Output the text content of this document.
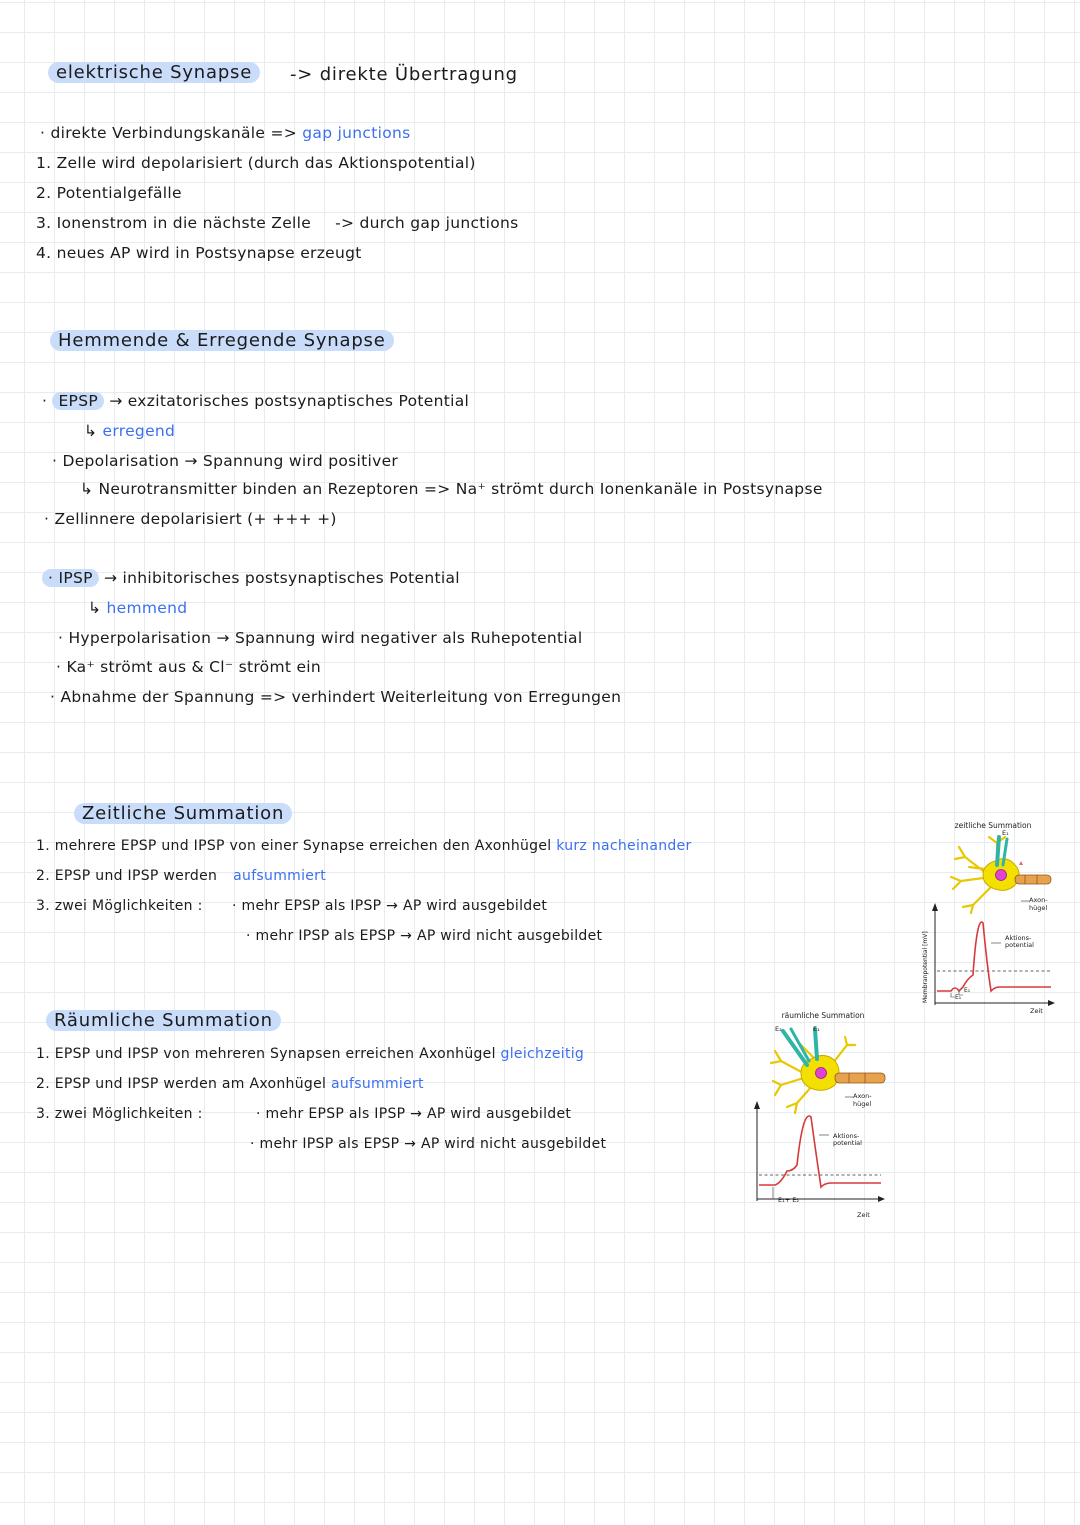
elektrische Synapse	-> direkte Übertragung
· direkte Verbindungskanäle => gap junctions
1. Zelle wird depolarisiert (durch das Aktionspotential)
2. Potentialgefälle
3. Ionenstrom in die nächste Zelle -> durch gap junctions
4. neues AP wird in Postsynapse erzeugt
Hemmende & Erregende Synapse
· EPSP → exzitatorisches postsynaptisches Potential
↳ erregend
· Depolarisation → Spannung wird positiver
↳ Neurotransmitter binden an Rezeptoren => Na⁺ strömt durch Ionenkanäle in Postsynapse
· Zellinnere depolarisiert (+ +++ +)
· IPSP → inhibitorisches postsynaptisches Potential
↳ hemmend
· Hyperpolarisation → Spannung wird negativer als Ruhepotential
· Ka⁺ strömt aus & Cl⁻ strömt ein
· Abnahme der Spannung => verhindert Weiterleitung von Erregungen
Zeitliche Summation
1. mehrere EPSP und IPSP von einer Synapse erreichen den Axonhügel kurz nacheinander
2. EPSP und IPSP werden aufsummiert
3. zwei Möglichkeiten : · mehr EPSP als IPSP → AP wird ausgebildet
· mehr IPSP als EPSP → AP wird nicht ausgebildet
Räumliche Summation
1. EPSP und IPSP von mehreren Synapsen erreichen Axonhügel gleichzeitig
2. EPSP und IPSP werden am Axonhügel aufsummiert
3. zwei Möglichkeiten :	· mehr EPSP als IPSP → AP wird ausgebildet
· mehr IPSP als EPSP → AP wird nicht ausgebildet
zeitliche Summation
E₁
Axon-
hügel
Membranpotential [mV]
Zeit
Aktions-
potential
E₁
E₁
räumliche Summation
E₂	E₁
Axon-
hügel
Zeit
Aktions-
potential
E₁+ E₂
